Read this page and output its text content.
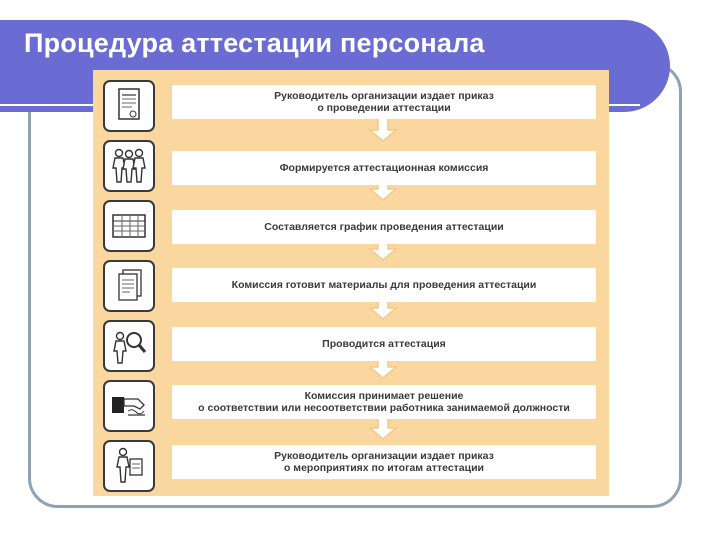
Процедура аттестации персонала
Руководитель организации издает приказ
о проведении аттестации
Формируется аттестационная комиссия
Составляется график проведения аттестации
Комиссия готовит материалы для проведения аттестации
Проводится аттестация
Комиссия принимает решение
о соответствии или несоответствии работника занимаемой должности
Руководитель организации издает приказ
о мероприятиях по итогам аттестации
